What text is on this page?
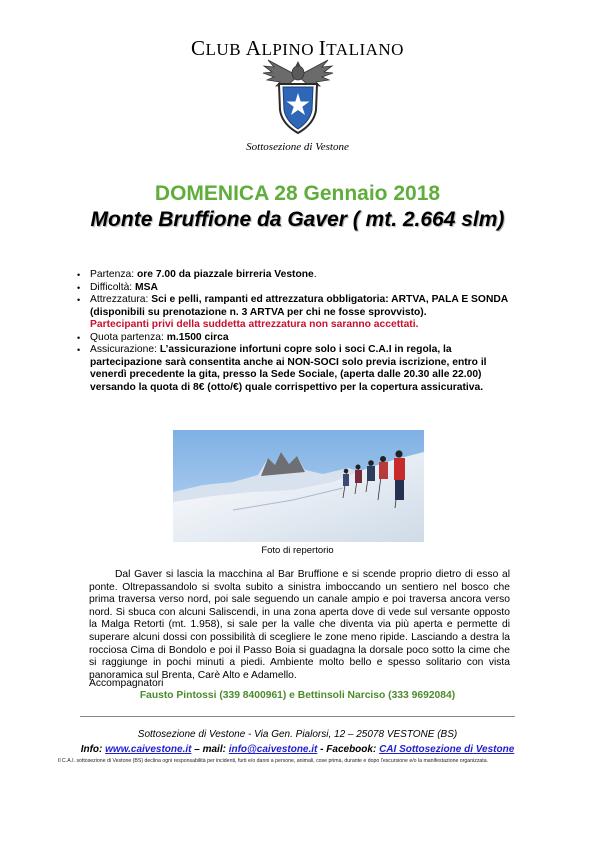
CLUB ALPINO ITALIANO
Sottosezione di Vestone
DOMENICA 28 Gennaio 2018
Monte Bruffione da Gaver ( mt. 2.664 slm)
• Partenza: ore 7.00 da piazzale birreria Vestone.
• Difficoltà: MSA
• Attrezzatura: Sci e pelli, rampanti ed attrezzatura obbligatoria: ARTVA, PALA E SONDA (disponibili su prenotazione n. 3 ARTVA per chi ne fosse sprovvisto).
Partecipanti privi della suddetta attrezzatura non saranno accettati.
• Quota partenza: m.1500 circa
• Assicurazione: L’assicurazione infortuni copre solo i soci C.A.I in regola, la partecipazione sarà consentita anche ai NON-SOCI solo previa iscrizione, entro il venerdì precedente la gita, presso la Sede Sociale, (aperta dalle 20.30 alle 22.00) versando la quota di 8€ (otto/€) quale corrispettivo per la copertura assicurativa.
Foto di repertorio

Dal Gaver si lascia la macchina al Bar Bruffione e si scende proprio dietro di esso al ponte. Oltrepassandolo si svolta subito a sinistra imboccando un sentiero nel bosco che prima traversa verso nord, poi sale seguendo un canale ampio e poi traversa ancora verso nord. Si sbuca con alcuni Saliscendi, in una zona aperta dove di vede sul versante opposto la Malga Retorti (mt. 1.958), si sale per la valle che diventa via più aperta e permette di superare alcuni dossi con possibilità di scegliere le zone meno ripide. Lasciando a destra la rocciosa Cima di Bondolo e poi il Passo Boia si guadagna la dorsale poco sotto la cime che si raggiunge in pochi minuti a piedi. Ambiente molto bello e spesso solitario con vista panoramica sul Brenta, Carè Alto e Adamello.

Accompagnatori
Fausto Pintossi (339 8400961) e Bettinsoli Narciso (333 9692084)
Sottosezione di Vestone - Via Gen. Pialorsi, 12 – 25078 VESTONE (BS)
Info: www.caivestone.it – mail: info@caivestone.it - Facebook: CAI Sottosezione di Vestone
Il C.A.I. sottosezione di Vestone (BS) declina ogni responsabilità per incidenti, furti e/o danni a persone, animali, cose prima, durante e dopo l'escursione e/o la manifestazione organizzata.
